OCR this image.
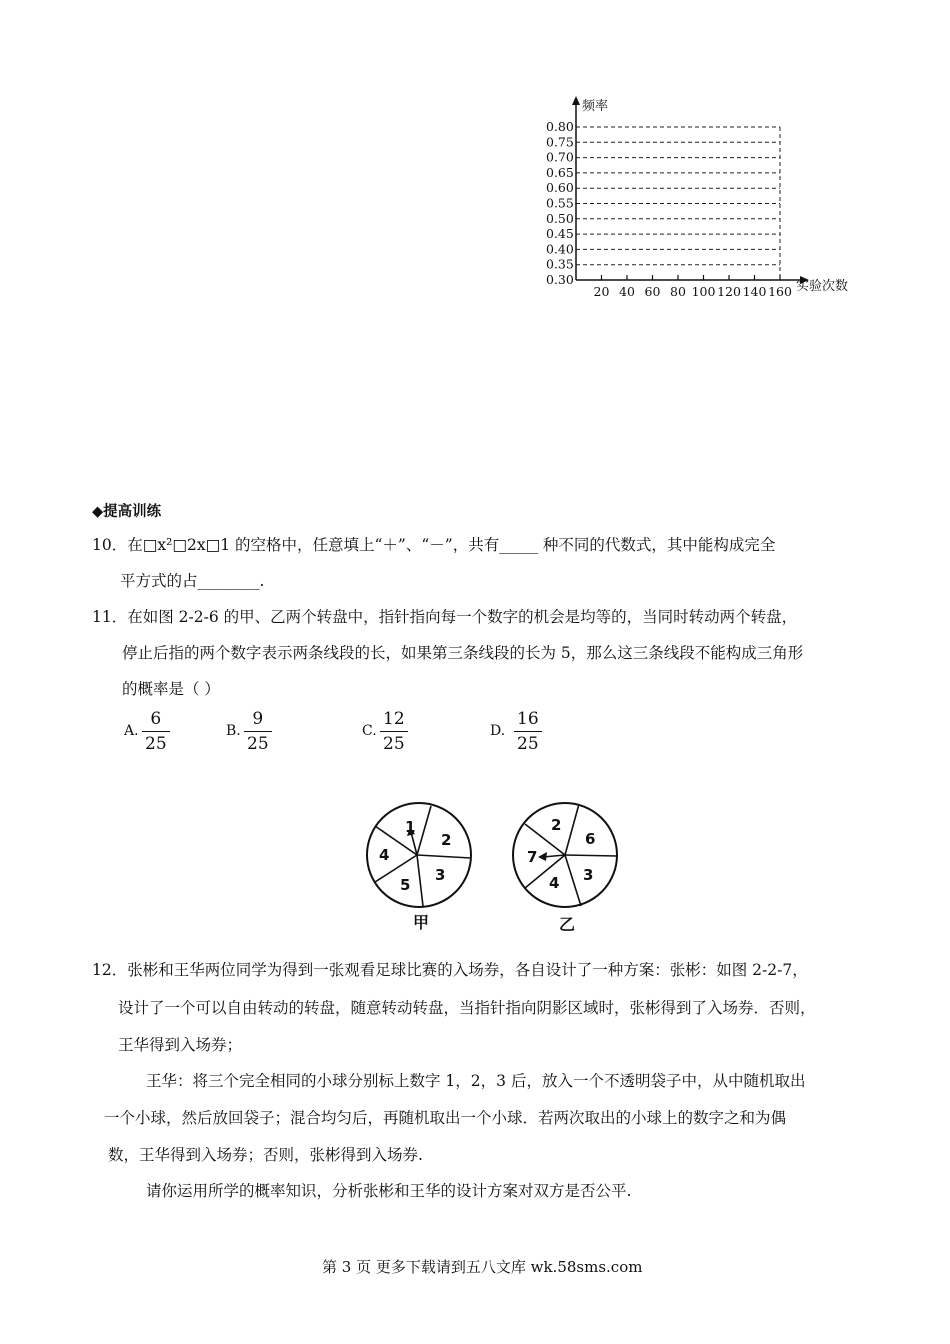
0.80
0.75
0.70
0.65
0.60
0.55
0.50
0.45
0.40
0.35
0.30
20 40 60 80 100 120 140 160
频率
实验次数
◆提高训练
10．在□x²□2x□1 的空格中，任意填上“＋”、“－”，共有_____ 种不同的代数式，其中能构成完全
平方式的占________.
11．在如图 2-2-6 的甲、乙两个转盘中，指针指向每一个数字的机会是均等的，当同时转动两个转盘，
停止后指的两个数字表示两条线段的长，如果第三条线段的长为 5，那么这三条线段不能构成三角形
的概率是（ ）
A.
6
25
B.
9
25
C.
12
25
D.
16
25
1
2
3
5
4
甲
2
6
3
4
7
乙
12．张彬和王华两位同学为得到一张观看足球比赛的入场券，各自设计了一种方案：张彬：如图 2-2-7，
设计了一个可以自由转动的转盘，随意转动转盘，当指针指向阴影区域时，张彬得到了入场券．否则，
王华得到入场券；
王华：将三个完全相同的小球分别标上数字 1，2，3 后，放入一个不透明袋子中，从中随机取出
一个小球，然后放回袋子；混合均匀后，再随机取出一个小球．若两次取出的小球上的数字之和为偶
数，王华得到入场券；否则，张彬得到入场券.
请你运用所学的概率知识，分析张彬和王华的设计方案对双方是否公平.
第 3 页 更多下载请到五八文库 wk.58sms.com
